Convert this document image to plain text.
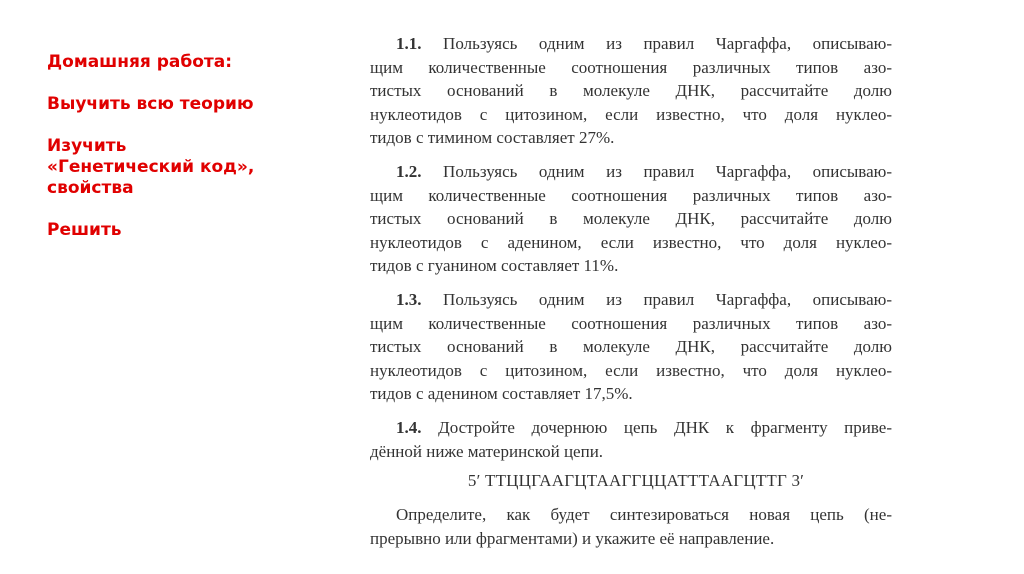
Домашняя работа:
Выучить всю теорию
Изучить
«Генетический код»,
свойства
Решить
1.1. Пользуясь одним из правил Чаргаффа, описываю-
щим количественные соотношения различных типов азо-
тистых оснований в молекуле ДНК, рассчитайте долю
нуклеотидов с цитозином, если известно, что доля нуклео-
тидов с тимином составляет 27%.
1.2. Пользуясь одним из правил Чаргаффа, описываю-
щим количественные соотношения различных типов азо-
тистых оснований в молекуле ДНК, рассчитайте долю
нуклеотидов с аденином, если известно, что доля нуклео-
тидов с гуанином составляет 11%.
1.3. Пользуясь одним из правил Чаргаффа, описываю-
щим количественные соотношения различных типов азо-
тистых оснований в молекуле ДНК, рассчитайте долю
нуклеотидов с цитозином, если известно, что доля нуклео-
тидов с аденином составляет 17,5%.
1.4. Достройте дочернюю цепь ДНК к фрагменту приве-
дённой ниже материнской цепи.
5′ ТТЦЦГААГЦТААГГЦЦАТТТААГЦТТГ 3′
Определите, как будет синтезироваться новая цепь (не-
прерывно или фрагментами) и укажите её направление.
